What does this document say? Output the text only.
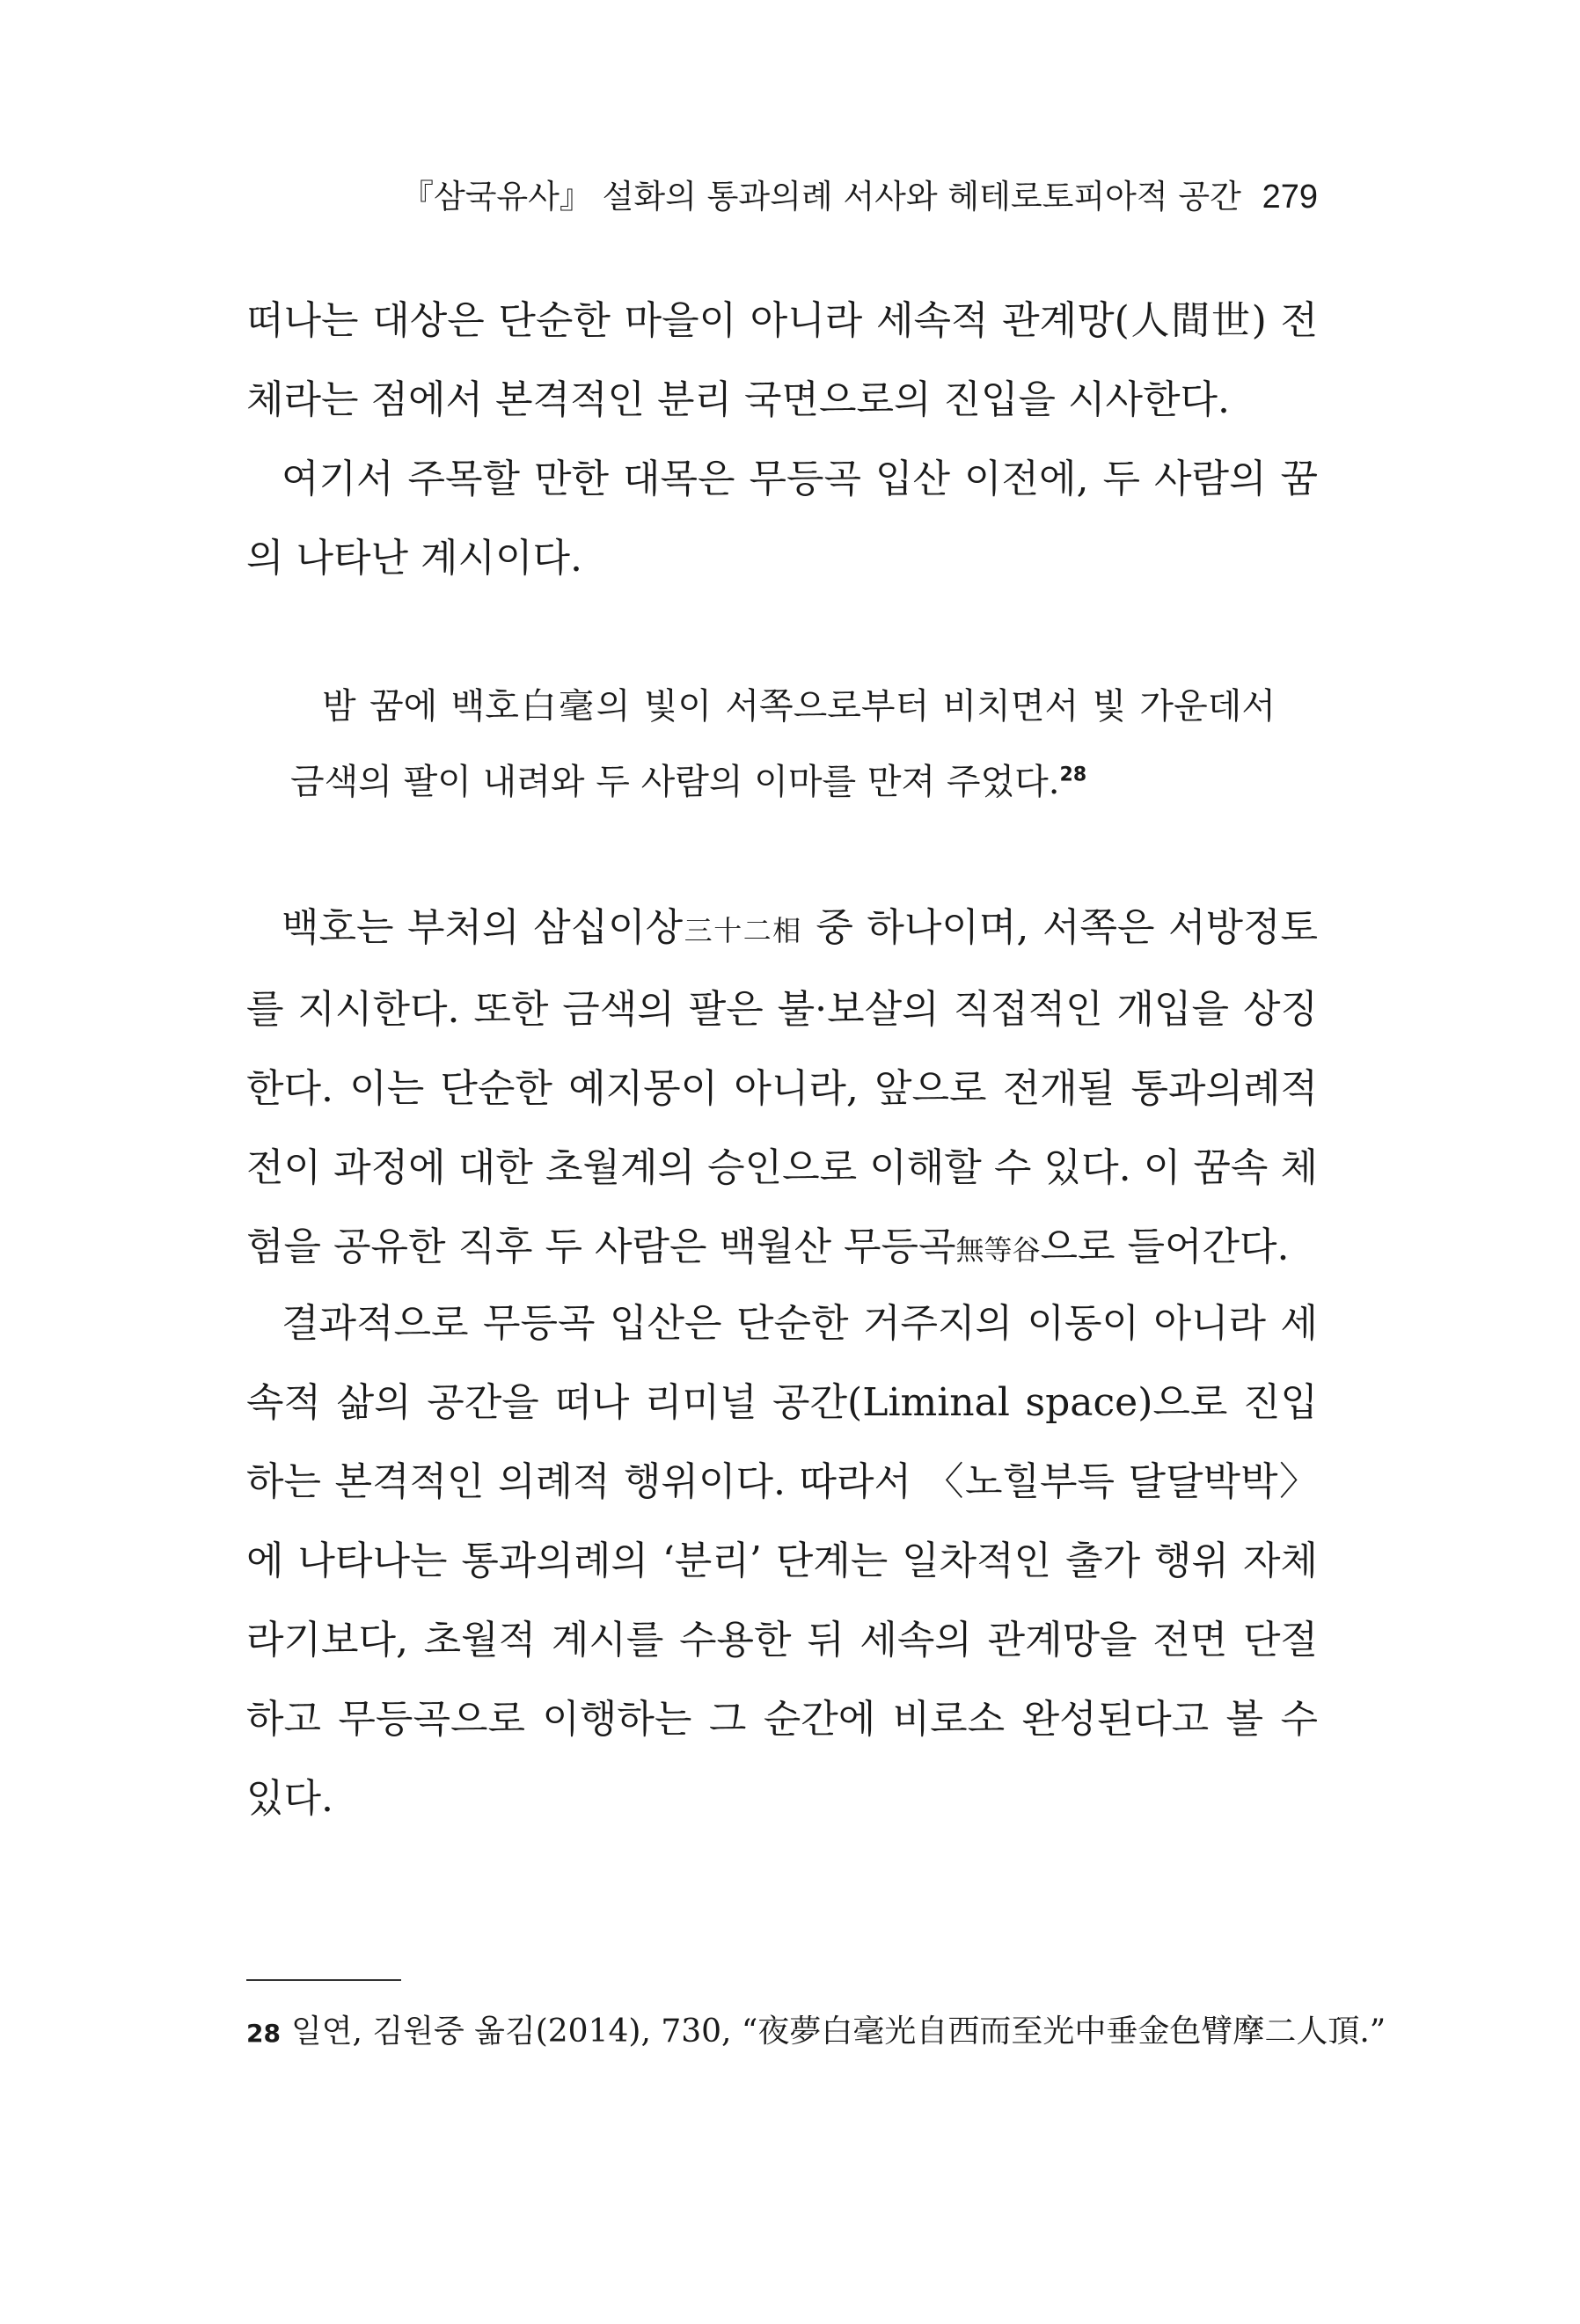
『삼국유사』 설화의 통과의례 서사와 헤테로토피아적 공간 279

떠나는 대상은 단순한 마을이 아니라 세속적 관계망(人間世) 전체라는 점에서 본격적인 분리 국면으로의 진입을 시사한다.

여기서 주목할 만한 대목은 무등곡 입산 이전에, 두 사람의 꿈의 나타난 계시이다.

밤 꿈에 백호白毫의 빛이 서쪽으로부터 비치면서 빛 가운데서 금색의 팔이 내려와 두 사람의 이마를 만져 주었다.$^{28}$

백호는 부처의 삼십이상三十二相 중 하나이며, 서쪽은 서방정토를 지시한다. 또한 금색의 팔은 불·보살의 직접적인 개입을 상징한다. 이는 단순한 예지몽이 아니라, 앞으로 전개될 통과의례적 전이 과정에 대한 초월계의 승인으로 이해할 수 있다. 이 꿈속 체험을 공유한 직후 두 사람은 백월산 무등곡無等谷으로 들어간다.

결과적으로 무등곡 입산은 단순한 거주지의 이동이 아니라 세속적 삶의 공간을 떠나 리미널 공간(Liminal space)으로 진입하는 본격적인 의례적 행위이다. 따라서 〈노힐부득 달달박박〉에 나타나는 통과의례의 ‘분리’ 단계는 일차적인 출가 행위 자체라기보다, 초월적 계시를 수용한 뒤 세속의 관계망을 전면 단절하고 무등곡으로 이행하는 그 순간에 비로소 완성된다고 볼 수 있다.

28 일연, 김원중 옮김(2014), 730, “夜夢白毫光自西而至光中垂金色臂摩二人頂.”
